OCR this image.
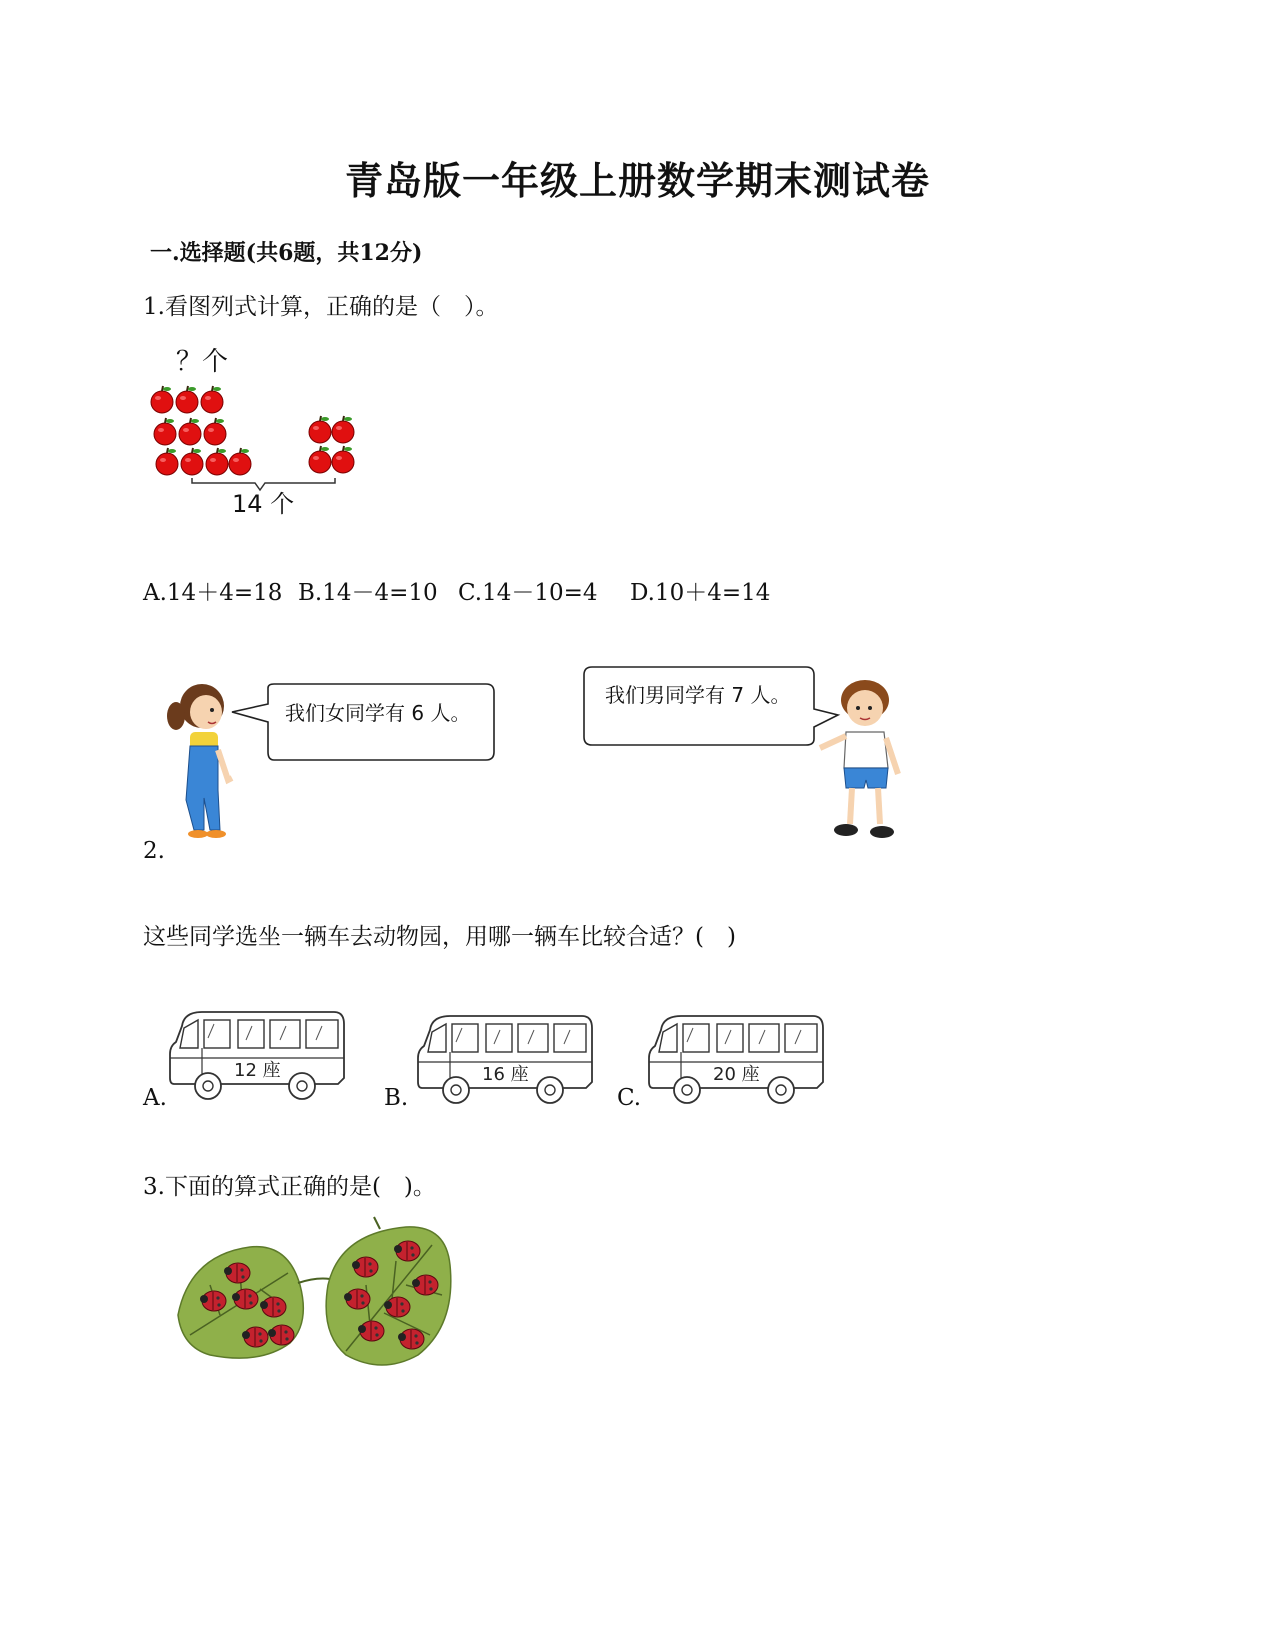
青岛版一年级上册数学期末测试卷
一.选择题(共6题，共12分)
1.看图列式计算，正确的是（　）。
？个
14 个
A.14＋4=18 B.14－4=10 C.14－10=4 D.10＋4=14
我们女同学有 6 人。
我们男同学有 7 人。
2.
这些同学选坐一辆车去动物园，用哪一辆车比较合适？(　)
A.
12 座
B.
16 座
C.
20 座
3.下面的算式正确的是(　)。
